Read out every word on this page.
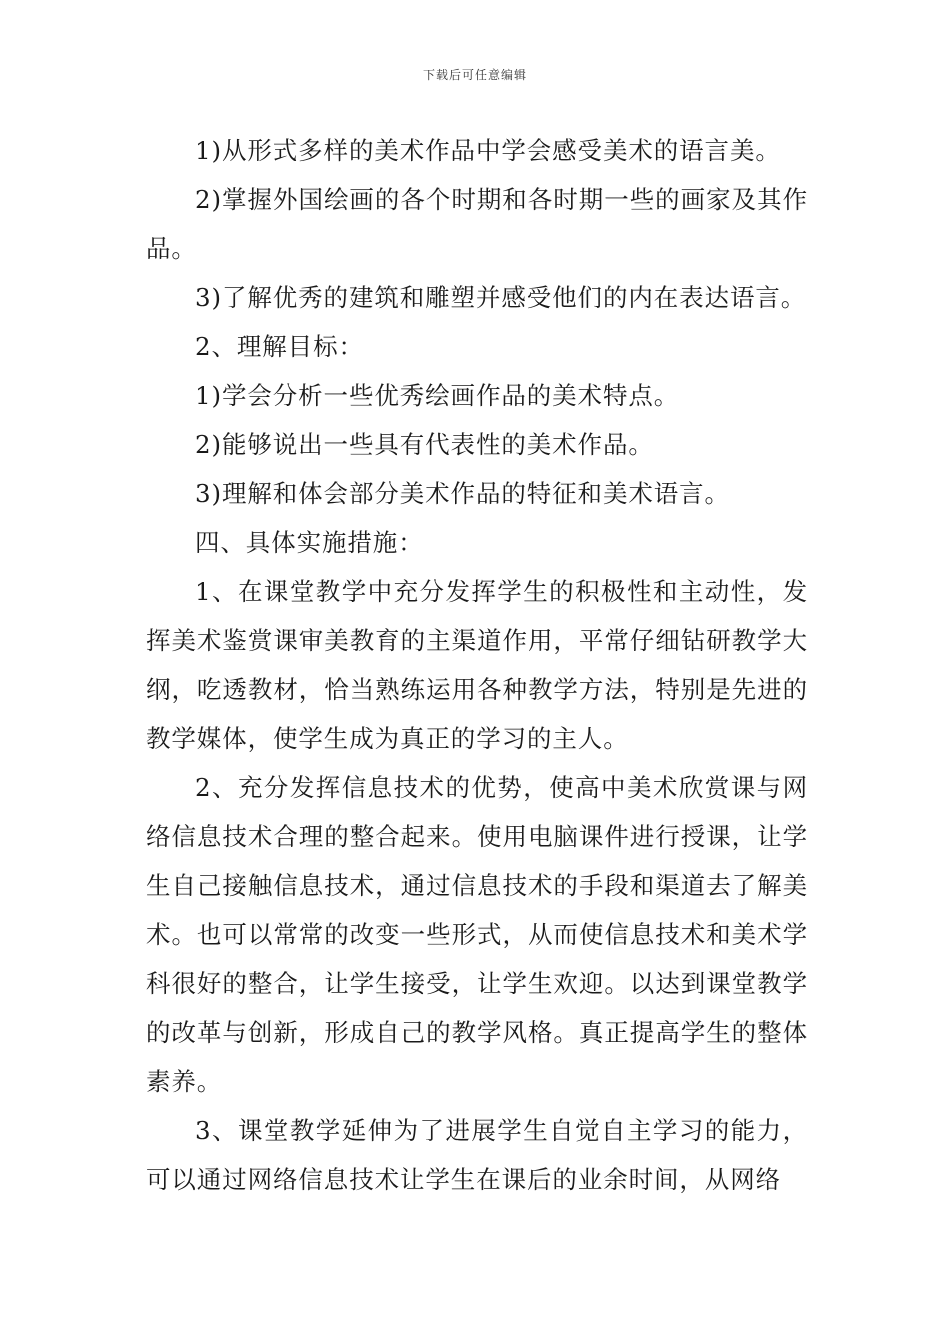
下载后可任意编辑

1)从形式多样的美术作品中学会感受美术的语言美。

2)掌握外国绘画的各个时期和各时期一些的画家及其作品。

3)了解优秀的建筑和雕塑并感受他们的内在表达语言。

2、理解目标：

1)学会分析一些优秀绘画作品的美术特点。

2)能够说出一些具有代表性的美术作品。

3)理解和体会部分美术作品的特征和美术语言。

四、具体实施措施：

1、在课堂教学中充分发挥学生的积极性和主动性，发挥美术鉴赏课审美教育的主渠道作用，平常仔细钻研教学大纲，吃透教材，恰当熟练运用各种教学方法，特别是先进的教学媒体，使学生成为真正的学习的主人。

2、充分发挥信息技术的优势，使高中美术欣赏课与网络信息技术合理的整合起来。使用电脑课件进行授课，让学生自己接触信息技术，通过信息技术的手段和渠道去了解美术。也可以常常的改变一些形式，从而使信息技术和美术学科很好的整合，让学生接受，让学生欢迎。以达到课堂教学的改革与创新，形成自己的教学风格。真正提高学生的整体素养。

3、课堂教学延伸为了进展学生自觉自主学习的能力，可以通过网络信息技术让学生在课后的业余时间，从网络
